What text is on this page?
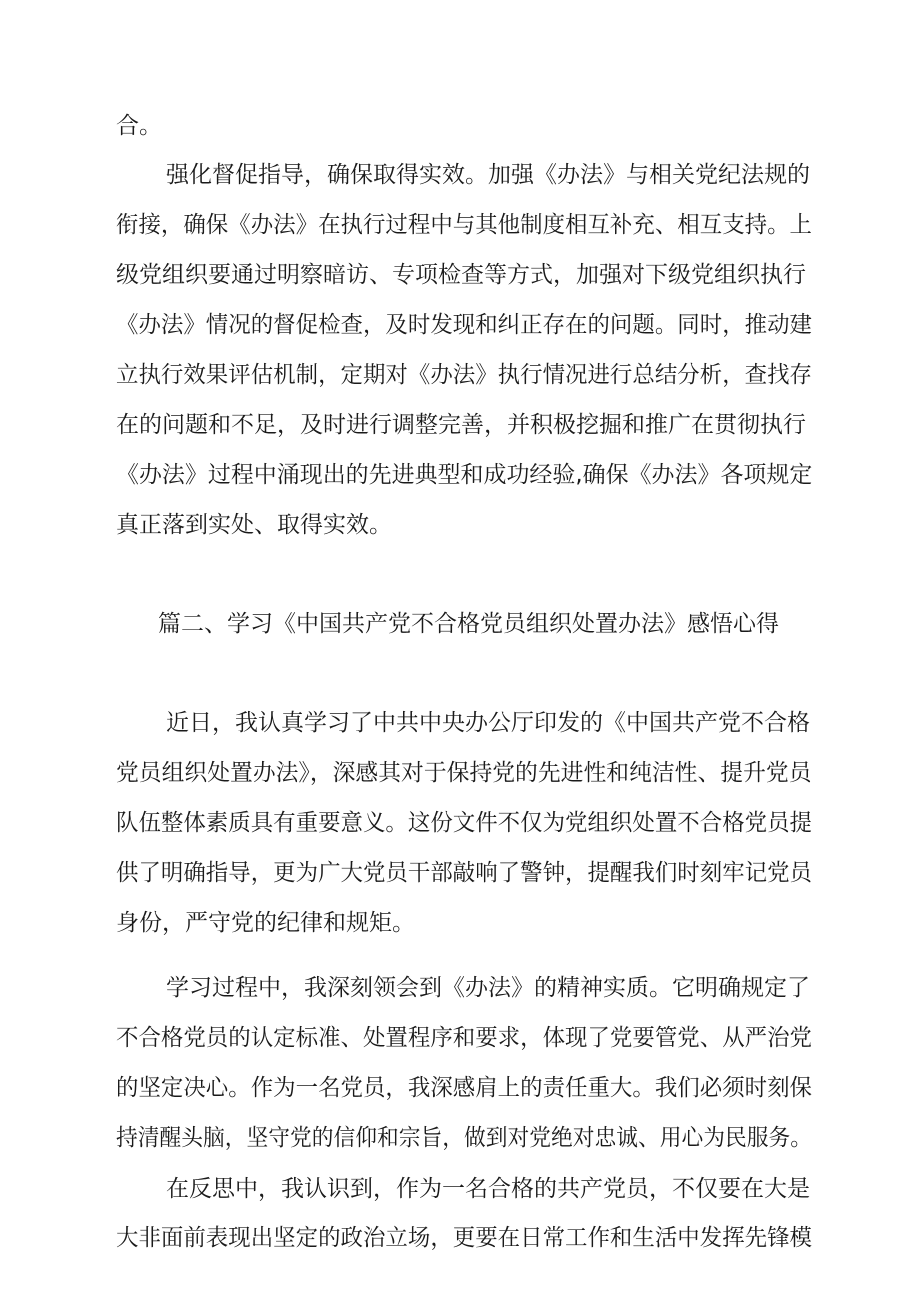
合。
强化督促指导，确保取得实效。加强《办法》与相关党纪法规的
衔接，确保《办法》在执行过程中与其他制度相互补充、相互支持。上
级党组织要通过明察暗访、专项检查等方式，加强对下级党组织执行
《办法》情况的督促检查，及时发现和纠正存在的问题。同时，推动建
立执行效果评估机制，定期对《办法》执行情况进行总结分析，查找存
在的问题和不足，及时进行调整完善，并积极挖掘和推广在贯彻执行
《办法》过程中涌现出的先进典型和成功经验,确保《办法》各项规定
真正落到实处、取得实效。
篇二、学习《中国共产党不合格党员组织处置办法》感悟心得
近日，我认真学习了中共中央办公厅印发的《中国共产党不合格
党员组织处置办法》，深感其对于保持党的先进性和纯洁性、提升党员
队伍整体素质具有重要意义。这份文件不仅为党组织处置不合格党员提
供了明确指导，更为广大党员干部敲响了警钟，提醒我们时刻牢记党员
身份，严守党的纪律和规矩。
学习过程中，我深刻领会到《办法》的精神实质。它明确规定了
不合格党员的认定标准、处置程序和要求，体现了党要管党、从严治党
的坚定决心。作为一名党员，我深感肩上的责任重大。我们必须时刻保
持清醒头脑，坚守党的信仰和宗旨，做到对党绝对忠诚、用心为民服务。
在反思中，我认识到，作为一名合格的共产党员，不仅要在大是
大非面前表现出坚定的政治立场，更要在日常工作和生活中发挥先锋模
